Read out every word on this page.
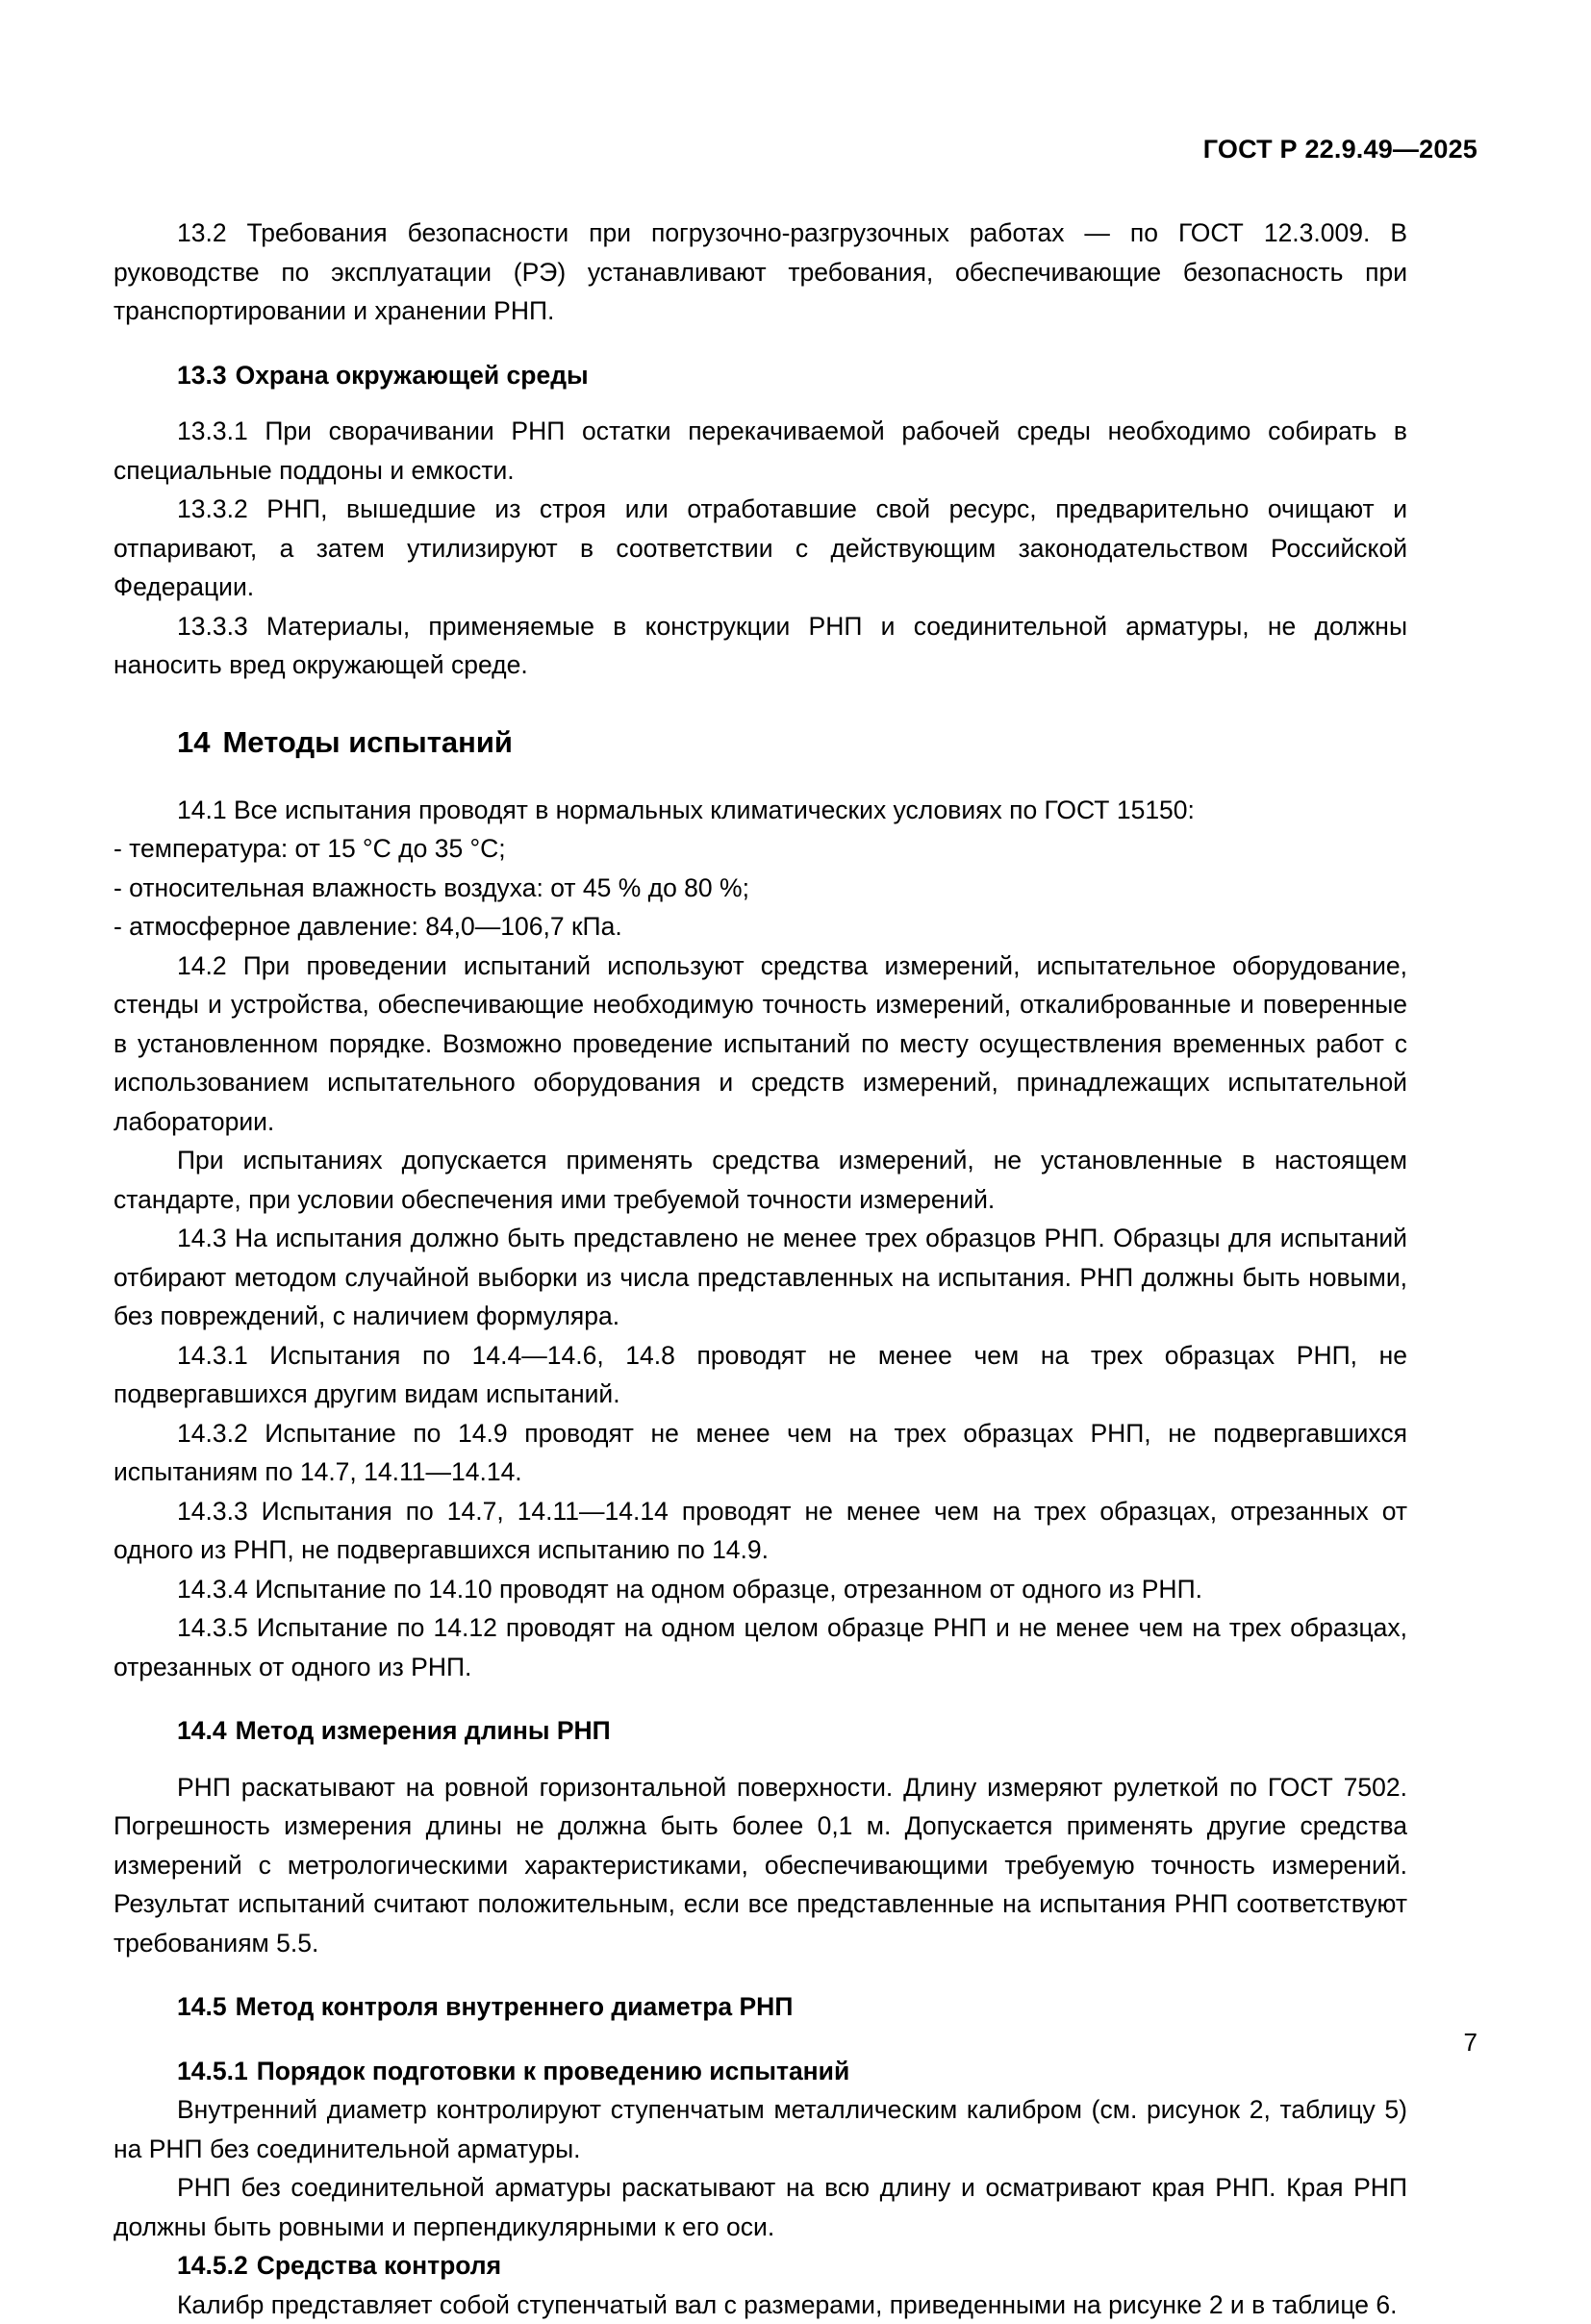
ГОСТ Р 22.9.49—2025

13.2 Требования безопасности при погрузочно-разгрузочных работах — по ГОСТ 12.3.009. В руководстве по эксплуатации (РЭ) устанавливают требования, обеспечивающие безопасность при транспортировании и хранении РНП.

13.3 Охрана окружающей среды

13.3.1 При сворачивании РНП остатки перекачиваемой рабочей среды необходимо собирать в специальные поддоны и емкости.

13.3.2 РНП, вышедшие из строя или отработавшие свой ресурс, предварительно очищают и отпаривают, а затем утилизируют в соответствии с действующим законодательством Российской Федерации.

13.3.3 Материалы, применяемые в конструкции РНП и соединительной арматуры, не должны наносить вред окружающей среде.

14 Методы испытаний

14.1 Все испытания проводят в нормальных климатических условиях по ГОСТ 15150:

- температура: от 15 °C до 35 °C;

- относительная влажность воздуха: от 45 % до 80 %;

- атмосферное давление: 84,0—106,7 кПа.

14.2 При проведении испытаний используют средства измерений, испытательное оборудование, стенды и устройства, обеспечивающие необходимую точность измерений, откалиброванные и поверенные в установленном порядке. Возможно проведение испытаний по месту осуществления временных работ с использованием испытательного оборудования и средств измерений, принадлежащих испытательной лаборатории.

При испытаниях допускается применять средства измерений, не установленные в настоящем стандарте, при условии обеспечения ими требуемой точности измерений.

14.3 На испытания должно быть представлено не менее трех образцов РНП. Образцы для испытаний отбирают методом случайной выборки из числа представленных на испытания. РНП должны быть новыми, без повреждений, с наличием формуляра.

14.3.1 Испытания по 14.4—14.6, 14.8 проводят не менее чем на трех образцах РНП, не подвергавшихся другим видам испытаний.

14.3.2 Испытание по 14.9 проводят не менее чем на трех образцах РНП, не подвергавшихся испытаниям по 14.7, 14.11—14.14.

14.3.3 Испытания по 14.7, 14.11—14.14 проводят не менее чем на трех образцах, отрезанных от одного из РНП, не подвергавшихся испытанию по 14.9.

14.3.4 Испытание по 14.10 проводят на одном образце, отрезанном от одного из РНП.

14.3.5 Испытание по 14.12 проводят на одном целом образце РНП и не менее чем на трех образцах, отрезанных от одного из РНП.

14.4 Метод измерения длины РНП

РНП раскатывают на ровной горизонтальной поверхности. Длину измеряют рулеткой по ГОСТ 7502. Погрешность измерения длины не должна быть более 0,1 м. Допускается применять другие средства измерений с метрологическими характеристиками, обеспечивающими требуемую точность измерений. Результат испытаний считают положительным, если все представленные на испытания РНП соответствуют требованиям 5.5.

14.5 Метод контроля внутреннего диаметра РНП
14.5.1 Порядок подготовки к проведению испытаний

Внутренний диаметр контролируют ступенчатым металлическим калибром (см. рисунок 2, таблицу 5) на РНП без соединительной арматуры.

РНП без соединительной арматуры раскатывают на всю длину и осматривают края РНП. Края РНП должны быть ровными и перпендикулярными к его оси.

14.5.2 Средства контроля

Калибр представляет собой ступенчатый вал с размерами, приведенными на рисунке 2 и в таблице 6.

7
